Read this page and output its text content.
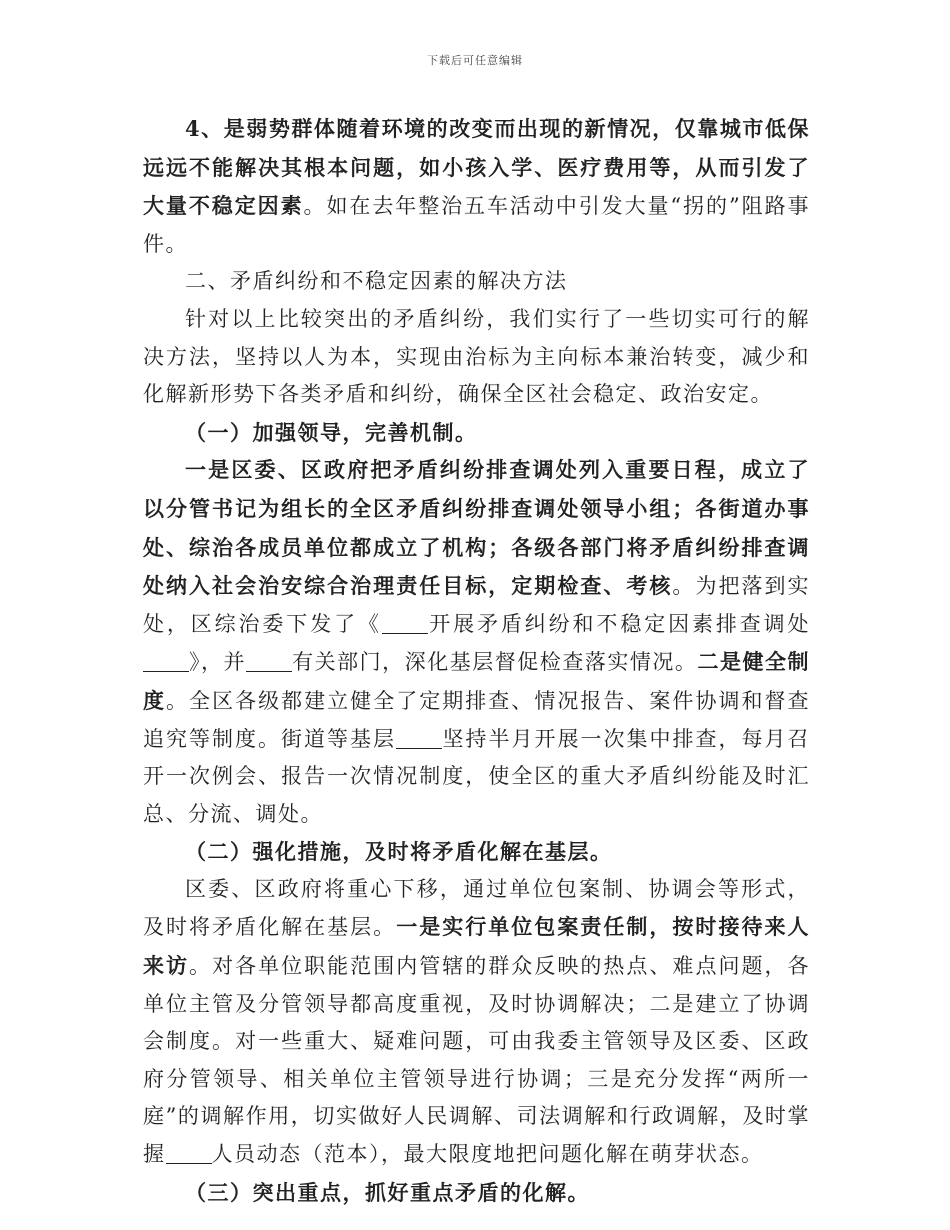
下载后可任意编辑

4、是弱势群体随着环境的改变而出现的新情况，仅靠城市低保远远不能解决其根本问题，如小孩入学、医疗费用等，从而引发了大量不稳定因素。如在去年整治五车活动中引发大量“拐的”阻路事件。

二、矛盾纠纷和不稳定因素的解决方法

针对以上比较突出的矛盾纠纷，我们实行了一些切实可行的解决方法，坚持以人为本，实现由治标为主向标本兼治转变，减少和化解新形势下各类矛盾和纠纷，确保全区社会稳定、政治安定。

（一）加强领导，完善机制。

一是区委、区政府把矛盾纠纷排查调处列入重要日程，成立了以分管书记为组长的全区矛盾纠纷排查调处领导小组；各街道办事处、综治各成员单位都成立了机构；各级各部门将矛盾纠纷排查调处纳入社会治安综合治理责任目标，定期检查、考核。为把落到实处，区综治委下发了《 开展矛盾纠纷和不稳定因素排查调处》，并 有关部门，深化基层督促检查落实情况。二是健全制度。全区各级都建立健全了定期排查、情况报告、案件协调和督查追究等制度。街道等基层 坚持半月开展一次集中排查，每月召开一次例会、报告一次情况制度，使全区的重大矛盾纠纷能及时汇总、分流、调处。

（二）强化措施，及时将矛盾化解在基层。

区委、区政府将重心下移，通过单位包案制、协调会等形式，及时将矛盾化解在基层。一是实行单位包案责任制，按时接待来人来访。对各单位职能范围内管辖的群众反映的热点、难点问题，各单位主管及分管领导都高度重视，及时协调解决；二是建立了协调会制度。对一些重大、疑难问题，可由我委主管领导及区委、区政府分管领导、相关单位主管领导进行协调；三是充分发挥“两所一庭”的调解作用，切实做好人民调解、司法调解和行政调解，及时掌握 人员动态（范本），最大限度地把问题化解在萌芽状态。

（三）突出重点，抓好重点矛盾的化解。
